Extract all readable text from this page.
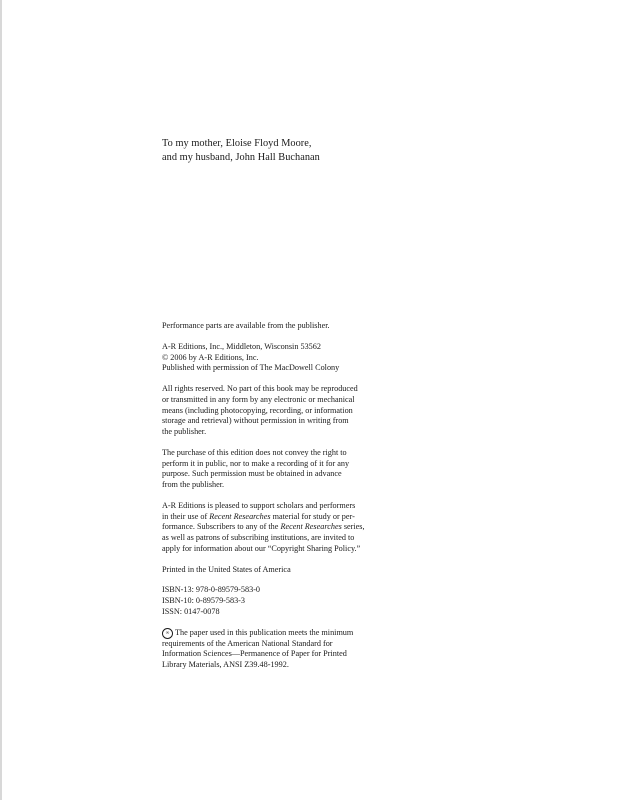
To my mother, Eloise Floyd Moore,

and my husband, John Hall Buchanan

Performance parts are available from the publisher.

A-R Editions, Inc., Middleton, Wisconsin 53562

© 2006 by A-R Editions, Inc.

Published with permission of The MacDowell Colony

All rights reserved. No part of this book may be reproduced

or transmitted in any form by any electronic or mechanical

means (including photocopying, recording, or information

storage and retrieval) without permission in writing from

the publisher.

The purchase of this edition does not convey the right to

perform it in public, nor to make a recording of it for any

purpose. Such permission must be obtained in advance

from the publisher.

A-R Editions is pleased to support scholars and performers

in their use of Recent Researches material for study or per-

formance. Subscribers to any of the Recent Researches series,

as well as patrons of subscribing institutions, are invited to

apply for information about our “Copyright Sharing Policy.”

Printed in the United States of America

ISBN-13: 978-0-89579-583-0

ISBN-10: 0-89579-583-3

ISSN: 0147-0078

∞ The paper used in this publication meets the minimum

requirements of the American National Standard for

Information Sciences—Permanence of Paper for Printed

Library Materials, ANSI Z39.48-1992.
